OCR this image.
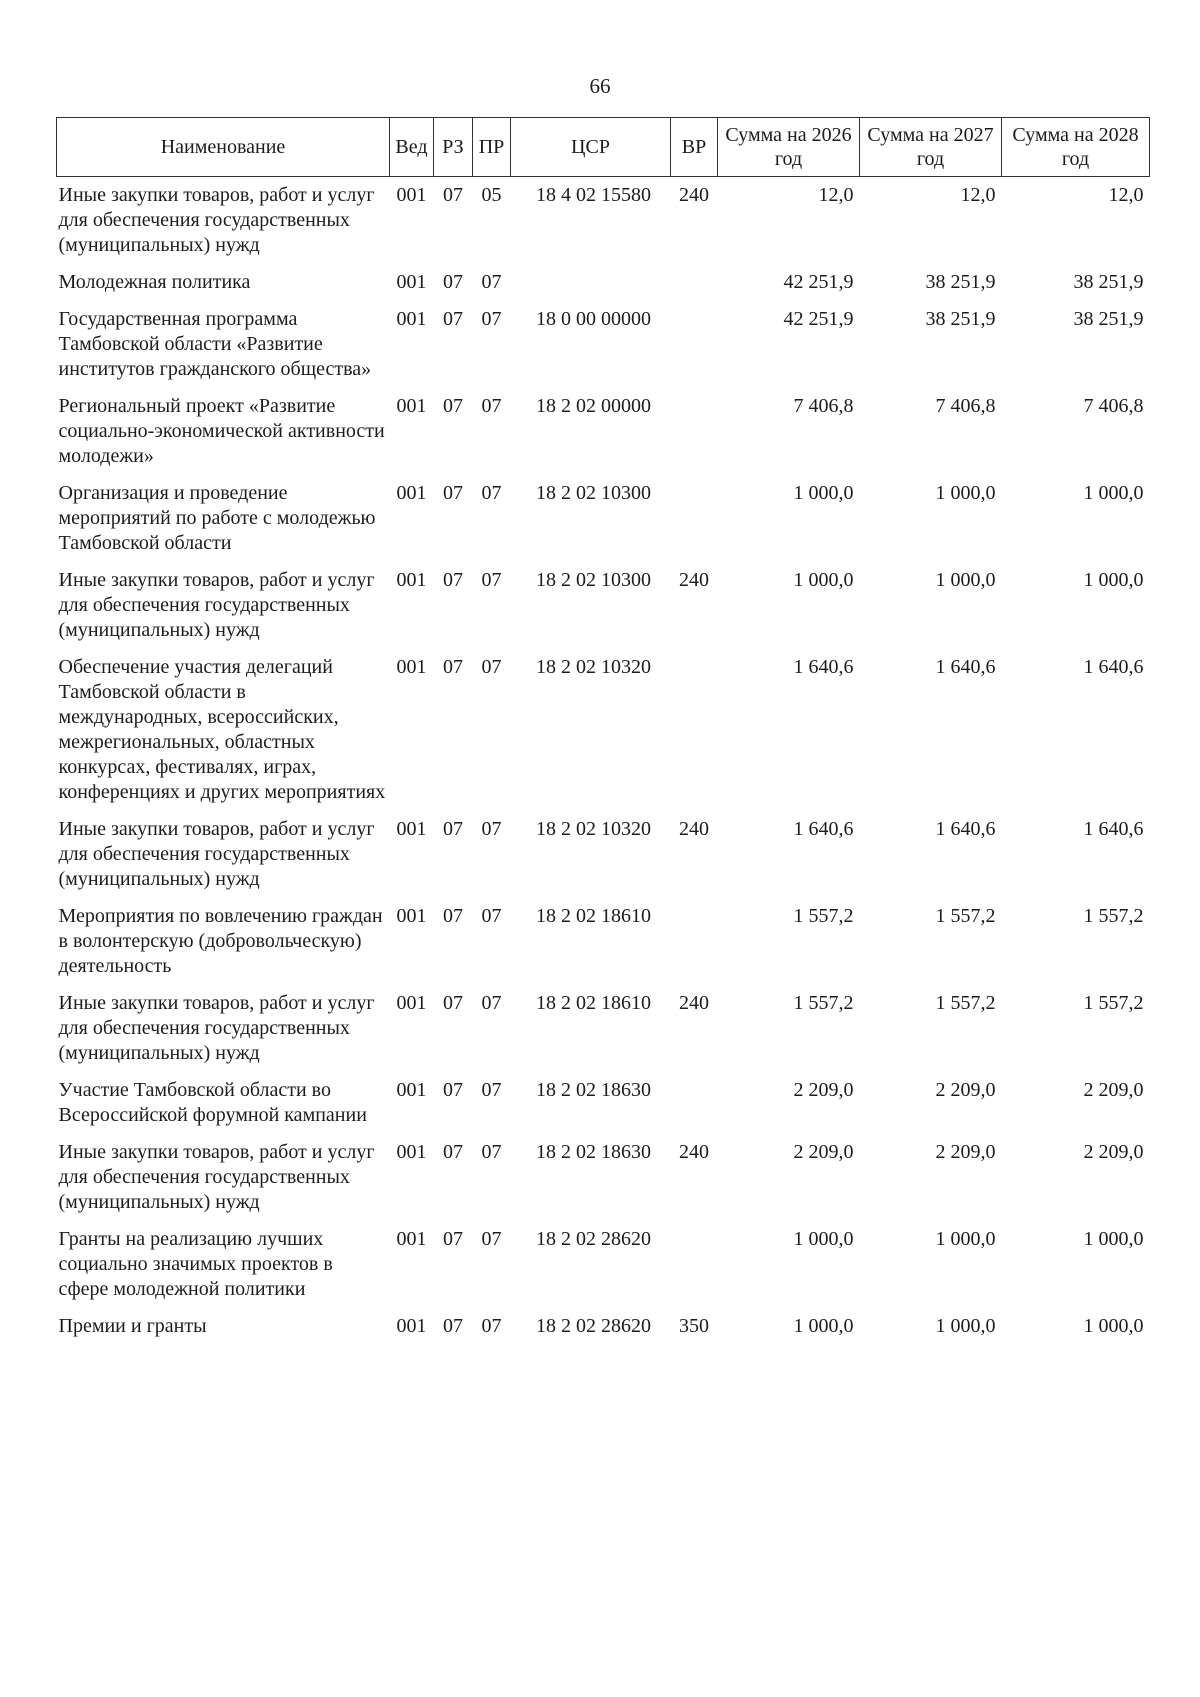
66
Наименование	Вед	РЗ	ПР	ЦСР	ВР	Сумма на 2026 год	Сумма на 2027 год	Сумма на 2028 год
Иные закупки товаров, работ и услуг для обеспечения государственных (муниципальных) нужд	001	07	05	18 4 02 15580	240	12,0	12,0	12,0
Молодежная политика	001	07	07			42 251,9	38 251,9	38 251,9
Государственная программа Тамбовской области «Развитие институтов гражданского общества»	001	07	07	18 0 00 00000		42 251,9	38 251,9	38 251,9
Региональный проект «Развитие социально-экономической активности молодежи»	001	07	07	18 2 02 00000		7 406,8	7 406,8	7 406,8
Организация и проведение мероприятий по работе с молодежью Тамбовской области	001	07	07	18 2 02 10300		1 000,0	1 000,0	1 000,0
Иные закупки товаров, работ и услуг для обеспечения государственных (муниципальных) нужд	001	07	07	18 2 02 10300	240	1 000,0	1 000,0	1 000,0
Обеспечение участия делегаций Тамбовской области в международных, всероссийских, межрегиональных, областных конкурсах, фестивалях, играх, конференциях и других мероприятиях	001	07	07	18 2 02 10320		1 640,6	1 640,6	1 640,6
Иные закупки товаров, работ и услуг для обеспечения государственных (муниципальных) нужд	001	07	07	18 2 02 10320	240	1 640,6	1 640,6	1 640,6
Мероприятия по вовлечению граждан в волонтерскую (добровольческую) деятельность	001	07	07	18 2 02 18610		1 557,2	1 557,2	1 557,2
Иные закупки товаров, работ и услуг для обеспечения государственных (муниципальных) нужд	001	07	07	18 2 02 18610	240	1 557,2	1 557,2	1 557,2
Участие Тамбовской области во Всероссийской форумной кампании	001	07	07	18 2 02 18630		2 209,0	2 209,0	2 209,0
Иные закупки товаров, работ и услуг для обеспечения государственных (муниципальных) нужд	001	07	07	18 2 02 18630	240	2 209,0	2 209,0	2 209,0
Гранты на реализацию лучших социально значимых проектов в сфере молодежной политики	001	07	07	18 2 02 28620		1 000,0	1 000,0	1 000,0
Премии и гранты	001	07	07	18 2 02 28620	350	1 000,0	1 000,0	1 000,0
